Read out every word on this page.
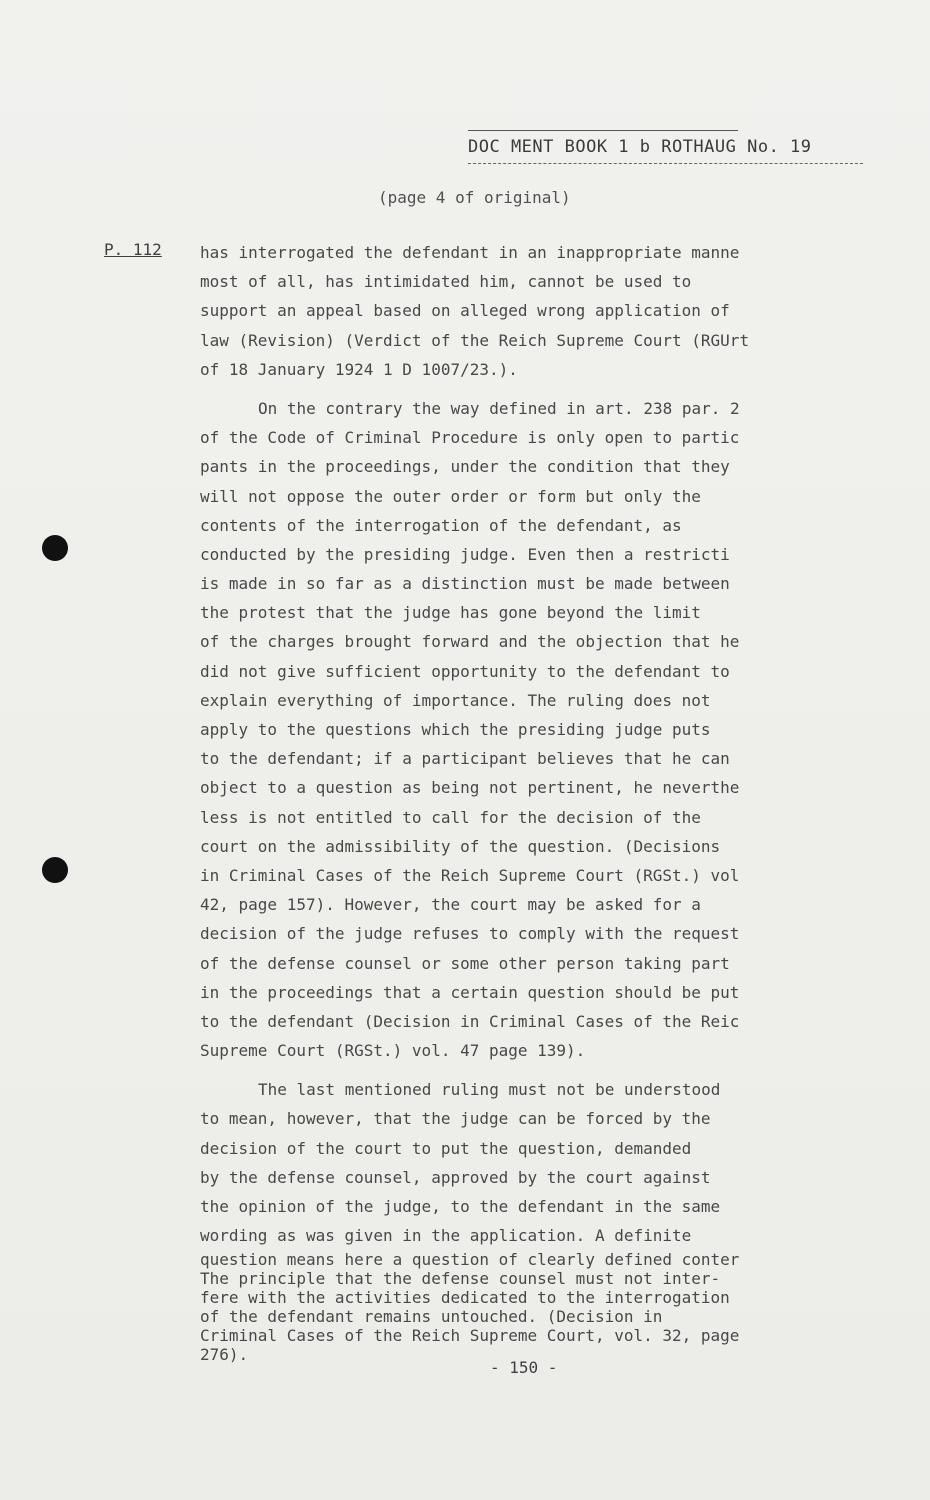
DOC MENT BOOK 1 b ROTHAUG No. 19
(page 4 of original)
P. 112 has interrogated the defendant in an inappropriate manne
most of all, has intimidated him, cannot be used to
support an appeal based on alleged wrong application of
law (Revision) (Verdict of the Reich Supreme Court (RGUrt
of 18 January 1924 1 D 1007/23.).
On the contrary the way defined in art. 238 par. 2
of the Code of Criminal Procedure is only open to partic
pants in the proceedings, under the condition that they
will not oppose the outer order or form but only the
contents of the interrogation of the defendant, as
conducted by the presiding judge. Even then a restricti
is made in so far as a distinction must be made between
the protest that the judge has gone beyond the limit
of the charges brought forward and the objection that he
did not give sufficient opportunity to the defendant to
explain everything of importance. The ruling does not
apply to the questions which the presiding judge puts
to the defendant; if a participant believes that he can
object to a question as being not pertinent, he neverthe
less is not entitled to call for the decision of the
court on the admissibility of the question. (Decisions
in Criminal Cases of the Reich Supreme Court (RGSt.) vol
42, page 157). However, the court may be asked for a
decision of the judge refuses to comply with the request
of the defense counsel or some other person taking part
in the proceedings that a certain question should be put
to the defendant (Decision in Criminal Cases of the Reic
Supreme Court (RGSt.) vol. 47 page 139).
The last mentioned ruling must not be understood
to mean, however, that the judge can be forced by the
decision of the court to put the question, demanded
by the defense counsel, approved by the court against
the opinion of the judge, to the defendant in the same
wording as was given in the application. A definite
question means here a question of clearly defined conter
The principle that the defense counsel must not inter-
fere with the activities dedicated to the interrogation
of the defendant remains untouched. (Decision in
Criminal Cases of the Reich Supreme Court, vol. 32, page
276).
- 150 -
